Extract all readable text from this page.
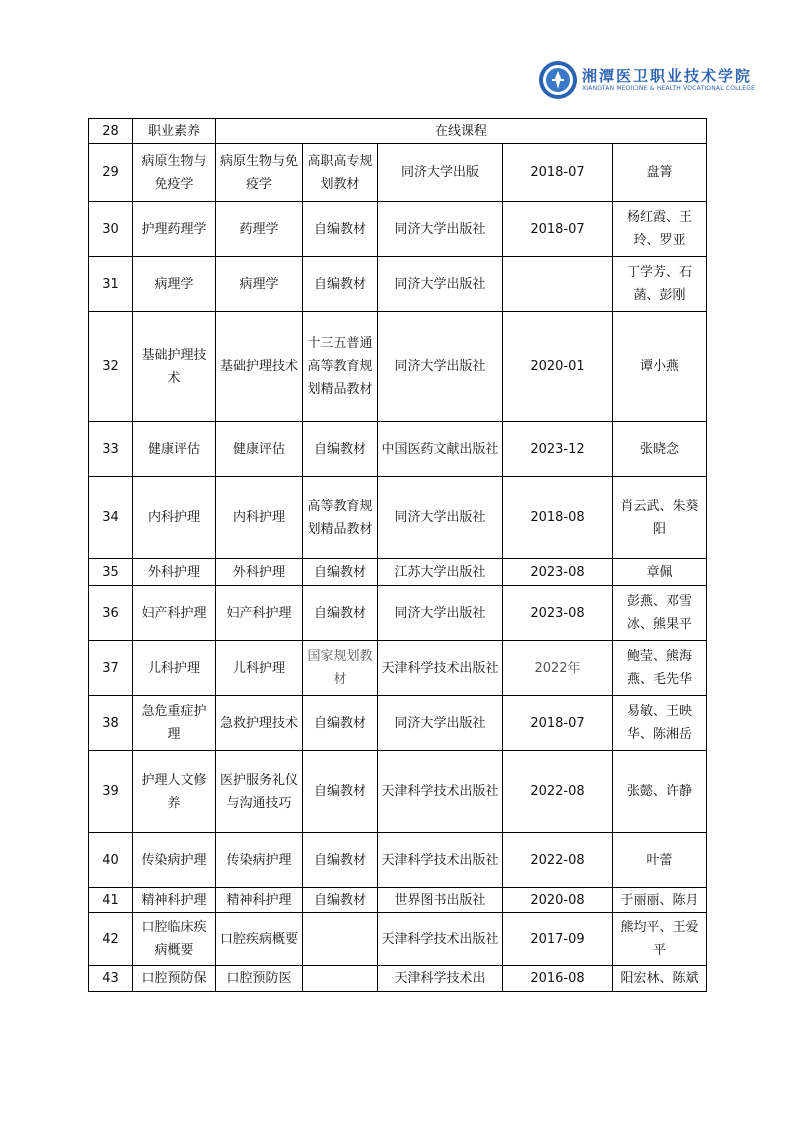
湘潭医卫职业技术学院
XIANGTAN MEDICINE & HEALTH VOCATIONAL COLLEGE
28	职业素养	在线课程				
29	病原生物与免疫学	病原生物与免疫学	高职高专规划教材	同济大学出版	2018-07	盘箐
30	护理药理学	药理学	自编教材	同济大学出版社	2018-07	杨红霞、王玲、罗亚
31	病理学	病理学	自编教材	同济大学出版社		丁学芳、石菡、彭刚
32	基础护理技术	基础护理技术	十三五普通高等教育规划精品教材	同济大学出版社	2020-01	谭小燕
33	健康评估	健康评估	自编教材	中国医药文献出版社	2023-12	张晓念
34	内科护理	内科护理	高等教育规划精品教材	同济大学出版社	2018-08	肖云武、朱葵阳
35	外科护理	外科护理	自编教材	江苏大学出版社	2023-08	章佩
36	妇产科护理	妇产科护理	自编教材	同济大学出版社	2023-08	彭燕、邓雪冰、熊果平
37	儿科护理	儿科护理	国家规划教材	天津科学技术出版社	2022年	鲍莹、熊海燕、毛先华
38	急危重症护理	急救护理技术	自编教材	同济大学出版社	2018-07	易敏、王映华、陈湘岳
39	护理人文修养	医护服务礼仪与沟通技巧	自编教材	天津科学技术出版社	2022-08	张懿、许静
40	传染病护理	传染病护理	自编教材	天津科学技术出版社	2022-08	叶蕾
41	精神科护理	精神科护理	自编教材	世界图书出版社	2020-08	于丽丽、陈月
42	口腔临床疾病概要	口腔疾病概要		天津科学技术出版社	2017-09	熊均平、王爱平
43	口腔预防保	口腔预防医		天津科学技术出	2016-08	阳宏林、陈斌
